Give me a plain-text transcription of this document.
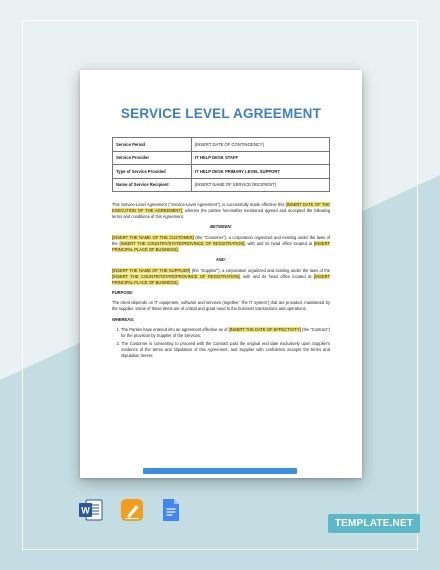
SERVICE LEVEL AGREEMENT
Service Period	[INSERT DATE OF CONTINGENCY]
Service Provider	IT HELP DESK STAFF
Type of Service Provided	IT HELP DESK PRIMARY LEVEL SUPPORT
Name of Service Recipient	[INSERT NAME OF SERVICE RECIPIENT]

This Service-Level Agreement ("Service-Level Agreement"), is successfully made effective this [INSERT DATE OF THE EXECUTION OF THE AGREEMENT], wherein the parties hereinafter mentioned agreed and accepted the following terms and conditions of this Agreement.

BETWEEN:

[INSERT THE NAME OF THE CUSTOMER] (the "Customer"), a corporation organized and existing under the laws of the [INSERT THE COUNTRY/STATE/PROVINCE OF REGISTRATION], with and its head office located at [INSERT PRINCIPAL PLACE OF BUSINESS];

AND:

[INSERT THE NAME OF THE SUPPLIER] (the "Supplier"), a corporation organized and existing under the laws of the [INSERT THE COUNTRY/STATE/PROVINCE OF REGISTRATION], with and its head office located at [INSERT PRINCIPAL PLACE OF BUSINESS].

PURPOSE:

The client depends on IT equipment, software and services (together: 'the IT system') that are provided, maintained by the supplier. Some of these items are of critical and great need to the business transactions and operations.

WHEREAS:

1. The Parties have entered into an agreement effective as of [INSERT THE DATE OF EFFECTIVITY] (the "Contract") for the provision by Supplier of the Services;
2. The Customer is consenting to proceed with the Contract past the original end date exclusively upon Supplier's credence of the terms and stipulation of this Agreement, and Supplier with confidence accepts the terms and stipulation herein;
W
TEMPLATE.NET
